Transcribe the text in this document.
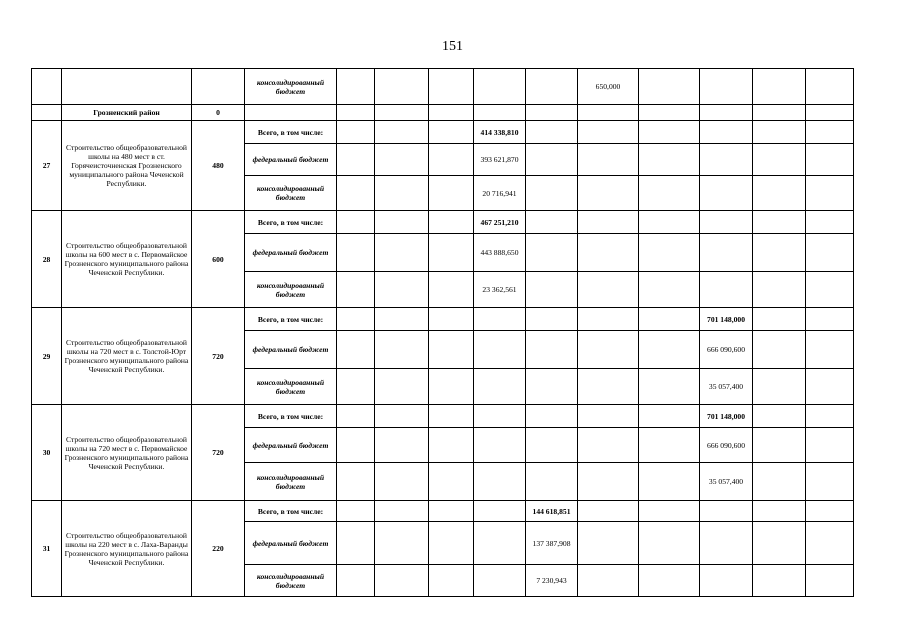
151
			консолидированный бюджет						650,000				
	Грозненский район	0											
27	Строительство общеобразовательной школы на 480 мест в ст. Горячеисточненская Грозненского муниципального района Чеченской Республики.	480	Всего, в том числе:				414 338,810						
			федеральный бюджет				393 621,870						
			консолидированный бюджет				20 716,941						
28	Строительство общеобразовательной школы на 600 мест в с. Первомайское Грозненского муниципального района Чеченской Республики.	600	Всего, в том числе:				467 251,210						
			федеральный бюджет				443 888,650						
			консолидированный бюджет				23 362,561						
29	Строительство общеобразовательной школы на 720 мест в с. Толстой-Юрт Грозненского муниципального района Чеченской Республики.	720	Всего, в том числе:								701 148,000		
			федеральный бюджет								666 090,600		
			консолидированный бюджет								35 057,400		
30	Строительство общеобразовательной школы на 720 мест в с. Первомайское Грозненского муниципального района Чеченской Республики.	720	Всего, в том числе:								701 148,000		
			федеральный бюджет								666 090,600		
			консолидированный бюджет								35 057,400		
31	Строительство общеобразовательной школы на 220 мест в с. Лаха-Варанды Грозненского муниципального района Чеченской Республики.	220	Всего, в том числе:					144 618,851					
			федеральный бюджет					137 387,908					
			консолидированный бюджет					7 230,943					
